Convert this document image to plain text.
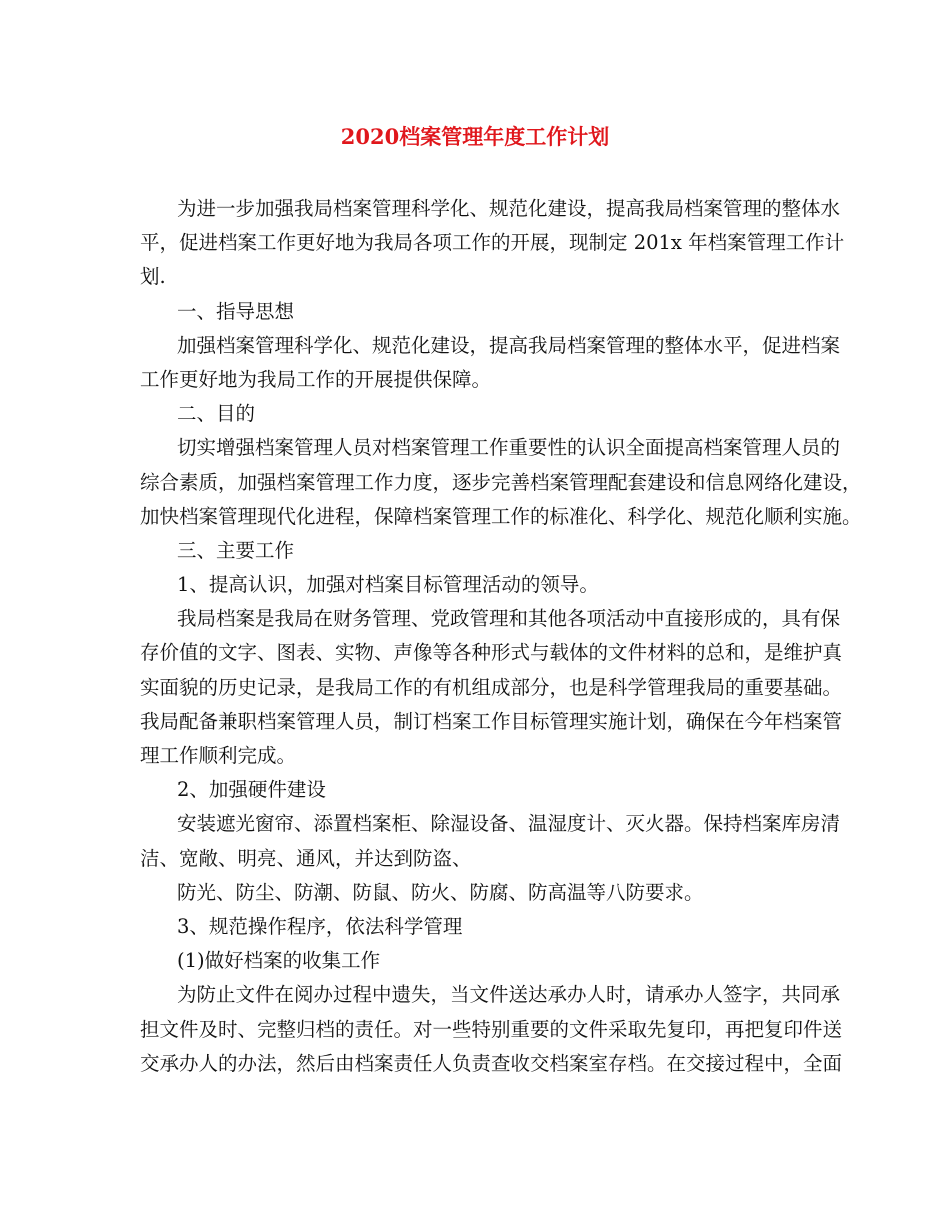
2020档案管理年度工作计划
为进一步加强我局档案管理科学化、规范化建设，提高我局档案管理的整体水
平，促进档案工作更好地为我局各项工作的开展，现制定 201x 年档案管理工作计
划.
一、指导思想
加强档案管理科学化、规范化建设，提高我局档案管理的整体水平，促进档案
工作更好地为我局工作的开展提供保障。
二、目的
切实增强档案管理人员对档案管理工作重要性的认识全面提高档案管理人员的
综合素质，加强档案管理工作力度，逐步完善档案管理配套建设和信息网络化建设，
加快档案管理现代化进程，保障档案管理工作的标准化、科学化、规范化顺利实施。
三、主要工作
1、提高认识，加强对档案目标管理活动的领导。
我局档案是我局在财务管理、党政管理和其他各项活动中直接形成的，具有保
存价值的文字、图表、实物、声像等各种形式与载体的文件材料的总和，是维护真
实面貌的历史记录，是我局工作的有机组成部分，也是科学管理我局的重要基础。
我局配备兼职档案管理人员，制订档案工作目标管理实施计划，确保在今年档案管
理工作顺利完成。
2、加强硬件建设
安装遮光窗帘、添置档案柜、除湿设备、温湿度计、灭火器。保持档案库房清
洁、宽敞、明亮、通风，并达到防盗、
防光、防尘、防潮、防鼠、防火、防腐、防高温等八防要求。
3、规范操作程序，依法科学管理
(1)做好档案的收集工作
为防止文件在阅办过程中遗失，当文件送达承办人时，请承办人签字，共同承
担文件及时、完整归档的责任。对一些特别重要的文件采取先复印，再把复印件送
交承办人的办法，然后由档案责任人负责查收交档案室存档。在交接过程中，全面
